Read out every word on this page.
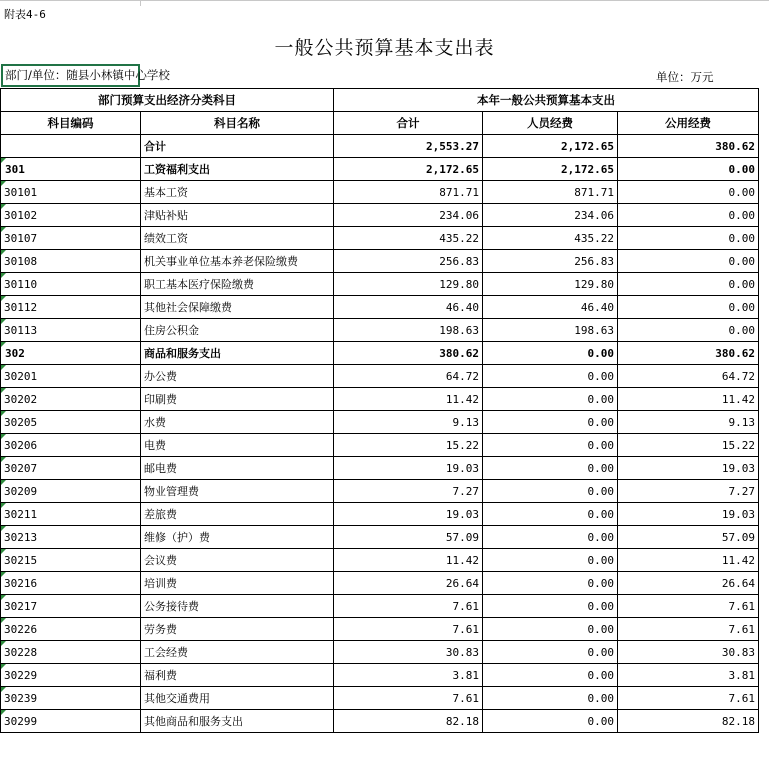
附表4-6
一般公共预算基本支出表
部门/单位：随县小林镇中心学校	单位：万元
部门预算支出经济分类科目		本年一般公共预算基本支出		
科目编码	科目名称	合计	人员经费	公用经费
	合计	2,553.27	2,172.65	380.62

301	工资福利支出	2,172.65	2,172.65	0.00

30101	基本工资	871.71	871.71	0.00

30102	津贴补贴	234.06	234.06	0.00

30107	绩效工资	435.22	435.22	0.00

30108	机关事业单位基本养老保险缴费	256.83	256.83	0.00

30110	职工基本医疗保险缴费	129.80	129.80	0.00

30112	其他社会保障缴费	46.40	46.40	0.00

30113	住房公积金	198.63	198.63	0.00

302	商品和服务支出	380.62	0.00	380.62

30201	办公费	64.72	0.00	64.72

30202	印刷费	11.42	0.00	11.42

30205	水费	9.13	0.00	9.13

30206	电费	15.22	0.00	15.22

30207	邮电费	19.03	0.00	19.03

30209	物业管理费	7.27	0.00	7.27

30211	差旅费	19.03	0.00	19.03

30213	维修（护）费	57.09	0.00	57.09

30215	会议费	11.42	0.00	11.42

30216	培训费	26.64	0.00	26.64

30217	公务接待费	7.61	0.00	7.61

30226	劳务费	7.61	0.00	7.61

30228	工会经费	30.83	0.00	30.83

30229	福利费	3.81	0.00	3.81

30239	其他交通费用	7.61	0.00	7.61

30299	其他商品和服务支出	82.18	0.00	82.18
